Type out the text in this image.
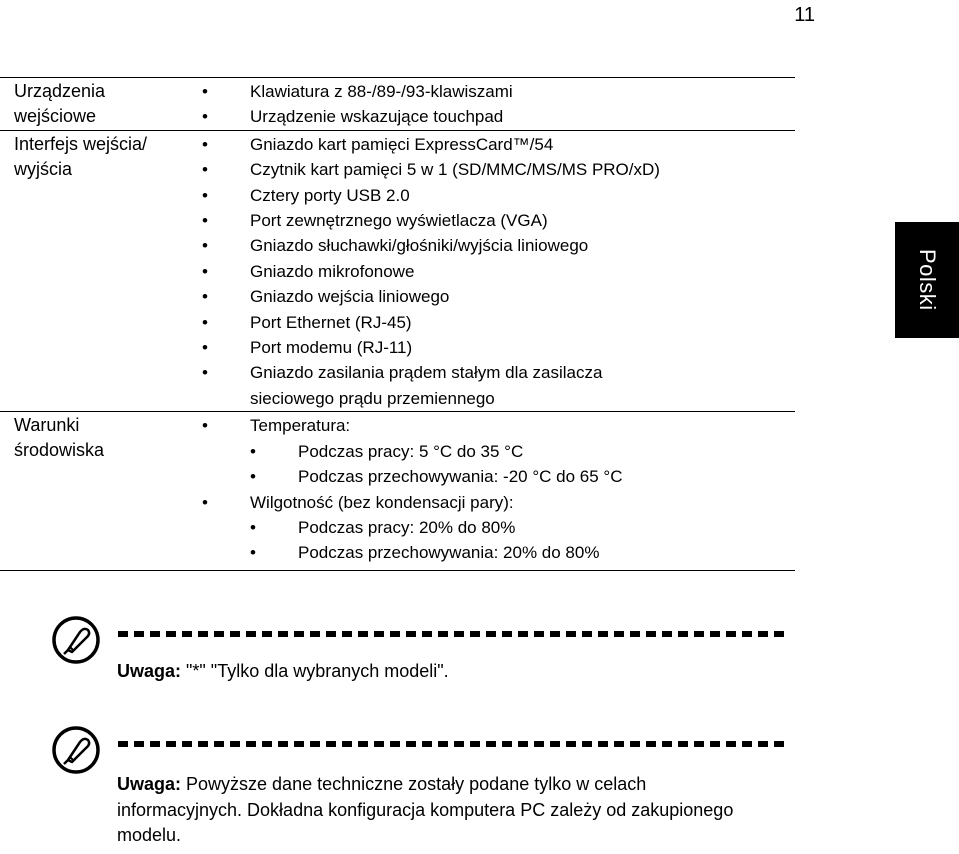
11
Polski
Urządzenia
wejściowe
• Klawiatura z 88-/89-/93-klawiszami
• Urządzenie wskazujące touchpad
Interfejs wejścia/
wyjścia
• Gniazdo kart pamięci ExpressCard™/54
• Czytnik kart pamięci 5 w 1 (SD/MMC/MS/MS PRO/xD)
• Cztery porty USB 2.0
• Port zewnętrznego wyświetlacza (VGA)
• Gniazdo słuchawki/głośniki/wyjścia liniowego
• Gniazdo mikrofonowe
• Gniazdo wejścia liniowego
• Port Ethernet (RJ-45)
• Port modemu (RJ-11)
• Gniazdo zasilania prądem stałym dla zasilacza
sieciowego prądu przemiennego
Warunki
środowiska
• Temperatura:
• Podczas pracy: 5 °C do 35 °C
• Podczas przechowywania: -20 °C do 65 °C
• Wilgotność (bez kondensacji pary):
• Podczas pracy: 20% do 80%
• Podczas przechowywania: 20% do 80%
Uwaga: "*" "Tylko dla wybranych modeli".
Uwaga: Powyższe dane techniczne zostały podane tylko w celach informacyjnych. Dokładna konfiguracja komputera PC zależy od zakupionego modelu.
